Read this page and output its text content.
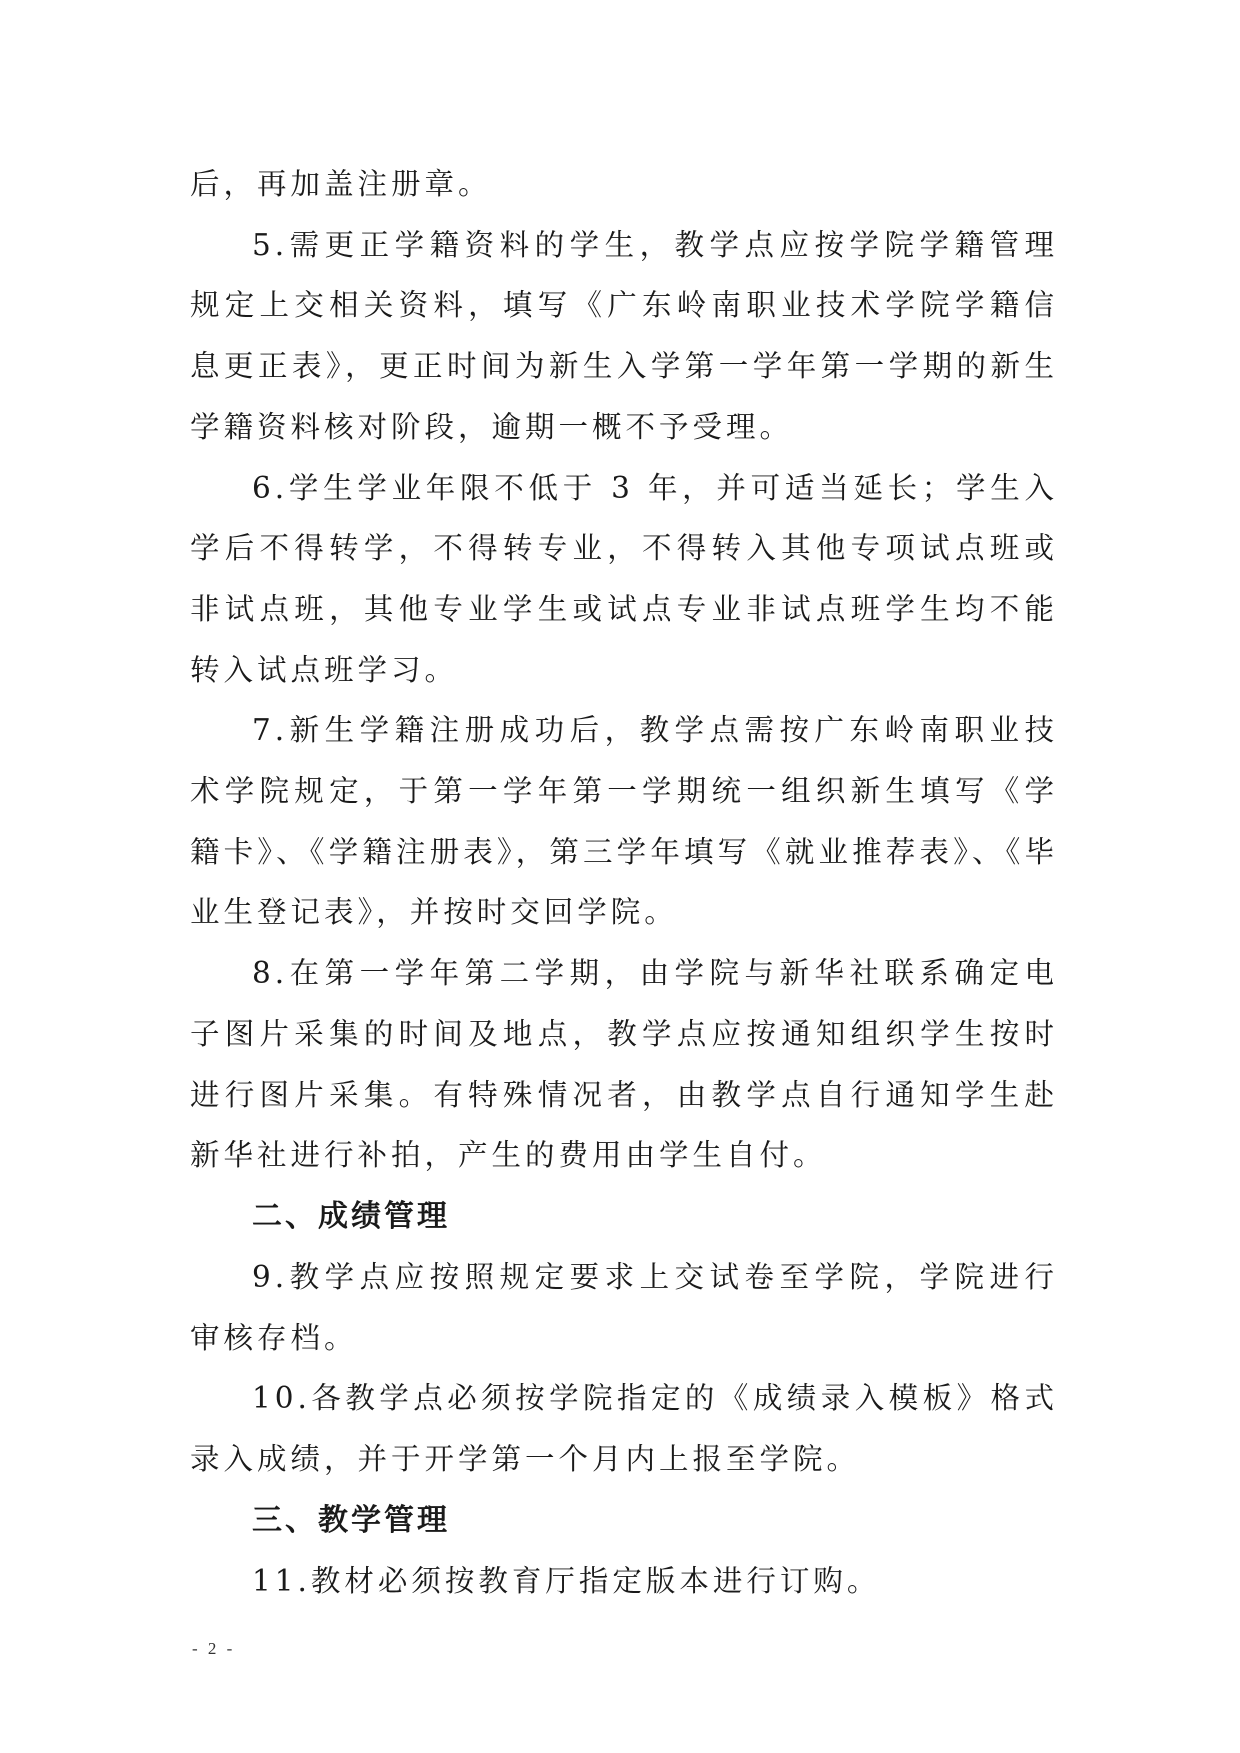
后，再加盖注册章。

5.需更正学籍资料的学生，教学点应按学院学籍管理规定上交相关资料，填写《广东岭南职业技术学院学籍信息更正表》，更正时间为新生入学第一学年第一学期的新生学籍资料核对阶段，逾期一概不予受理。

6.学生学业年限不低于 3 年，并可适当延长；学生入学后不得转学，不得转专业，不得转入其他专项试点班或非试点班，其他专业学生或试点专业非试点班学生均不能转入试点班学习。

7.新生学籍注册成功后，教学点需按广东岭南职业技术学院规定，于第一学年第一学期统一组织新生填写《学籍卡》、《学籍注册表》，第三学年填写《就业推荐表》、《毕业生登记表》，并按时交回学院。

8.在第一学年第二学期，由学院与新华社联系确定电子图片采集的时间及地点，教学点应按通知组织学生按时进行图片采集。有特殊情况者，由教学点自行通知学生赴新华社进行补拍，产生的费用由学生自付。

二、成绩管理

9.教学点应按照规定要求上交试卷至学院，学院进行审核存档。

10.各教学点必须按学院指定的《成绩录入模板》格式录入成绩，并于开学第一个月内上报至学院。

三、教学管理

11.教材必须按教育厅指定版本进行订购。

- 2 -
